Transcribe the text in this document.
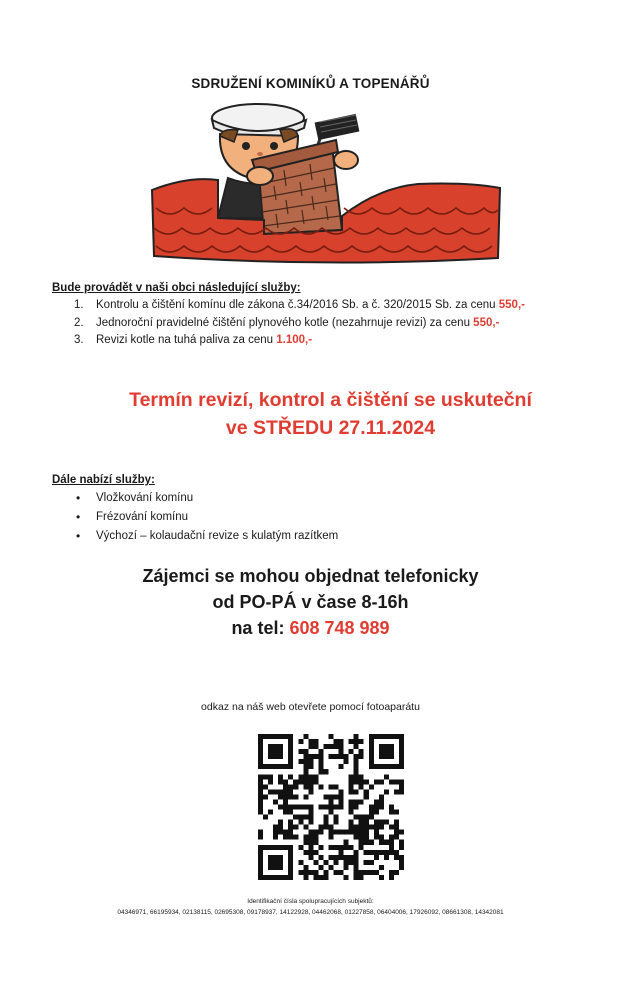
SDRUŽENÍ KOMINÍKŮ A TOPENÁŘŮ
Bude provádět v naši obci následující služby:
1. Kontrolu a čištění komínu dle zákona č.34/2016 Sb. a č. 320/2015 Sb. za cenu 550,-
2. Jednoroční pravidelné čištění plynového kotle (nezahrnuje revizi) za cenu 550,-
3. Revizi kotle na tuhá paliva za cenu 1.100,-
Termín revizí, kontrol a čištění se uskuteční
ve STŘEDU 27.11.2024
Dále nabízí služby:
• Vložkování komínu
• Frézování komínu
• Výchozí – kolaudační revize s kulatým razítkem
Zájemci se mohou objednat telefonicky
od PO-PÁ v čase 8-16h
na tel: 608 748 989
odkaz na náš web otevřete pomocí fotoaparátu
Identifikační čísla spolupracujících subjektů:
04346971, 66195934, 02138115, 02695308, 09178937, 14122928, 04462068, 01227858, 06404006, 17926092, 08661308, 14342081
